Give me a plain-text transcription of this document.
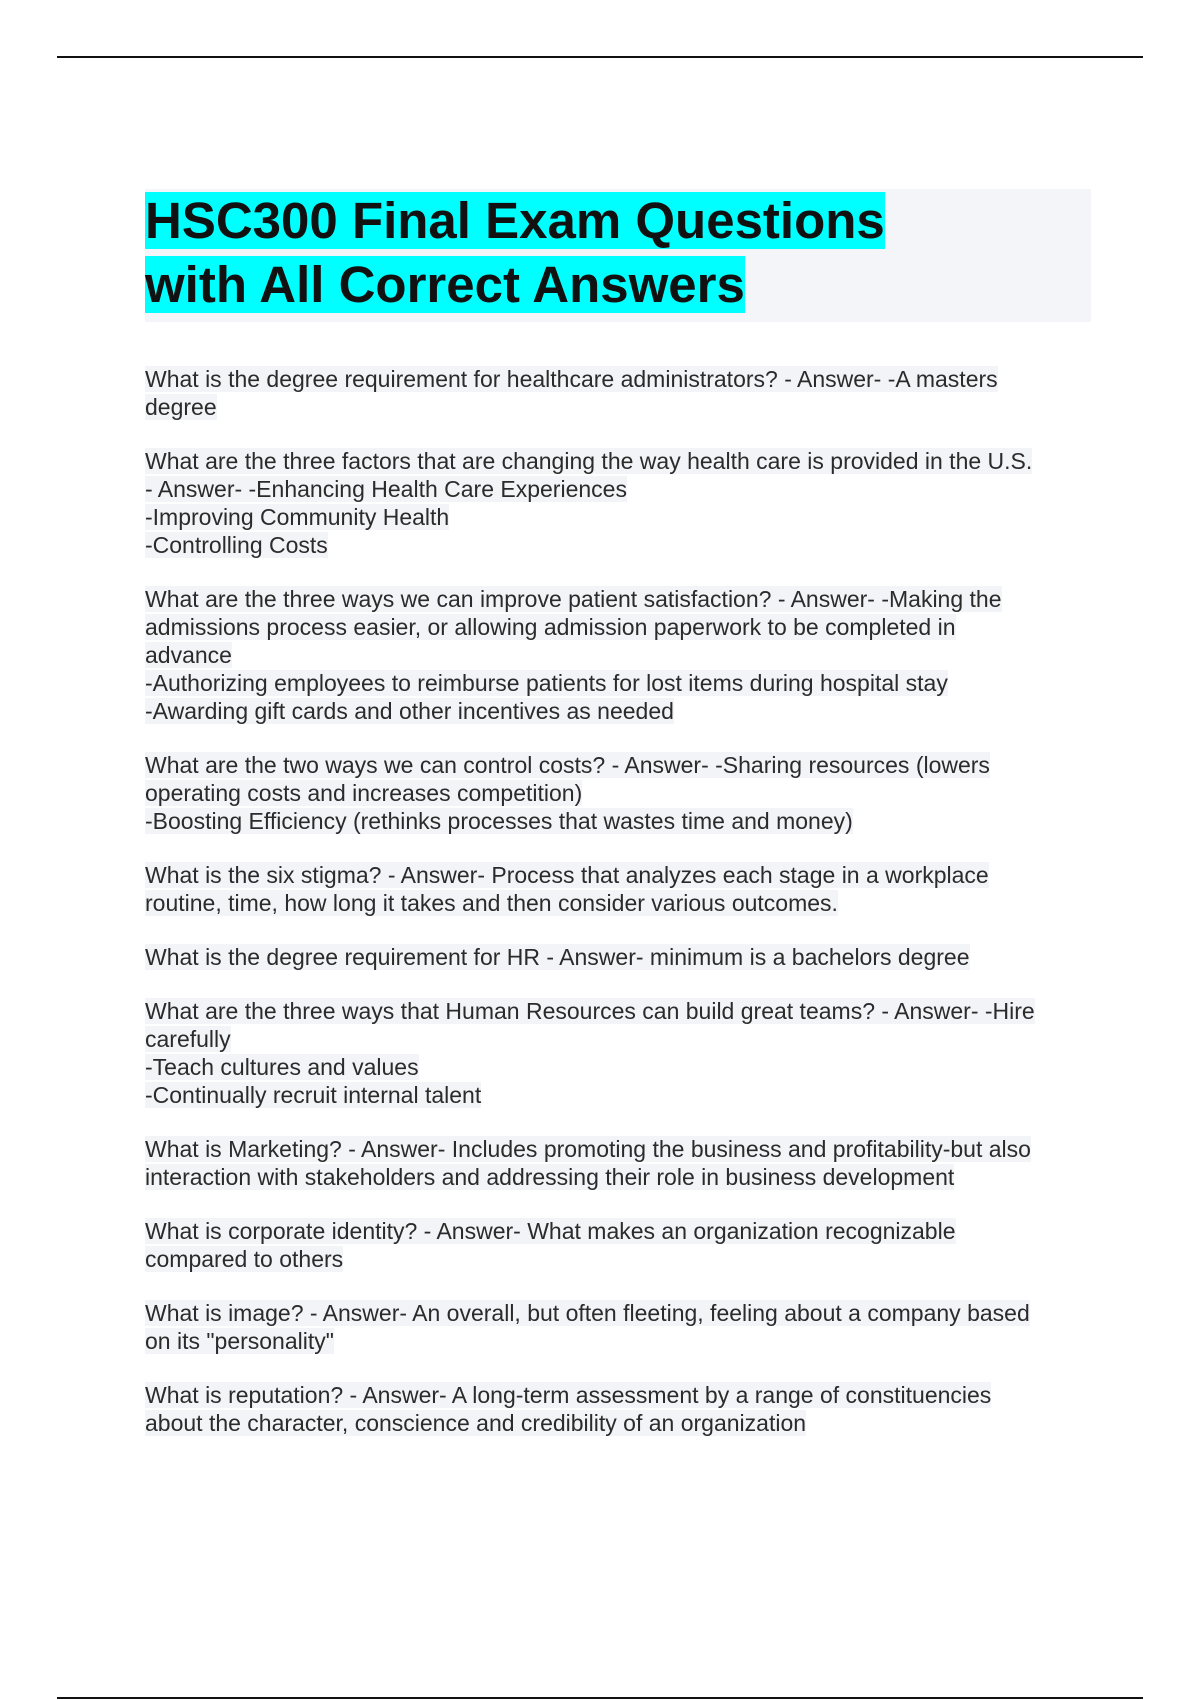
HSC300 Final Exam Questions
with All Correct Answers

What is the degree requirement for healthcare administrators? - Answer- -A masters

degree

What are the three factors that are changing the way health care is provided in the U.S.

- Answer- -Enhancing Health Care Experiences

-Improving Community Health

-Controlling Costs

What are the three ways we can improve patient satisfaction? - Answer- -Making the

admissions process easier, or allowing admission paperwork to be completed in

advance

-Authorizing employees to reimburse patients for lost items during hospital stay

-Awarding gift cards and other incentives as needed

What are the two ways we can control costs? - Answer- -Sharing resources (lowers

operating costs and increases competition)

-Boosting Efficiency (rethinks processes that wastes time and money)

What is the six stigma? - Answer- Process that analyzes each stage in a workplace

routine, time, how long it takes and then consider various outcomes.

What is the degree requirement for HR - Answer- minimum is a bachelors degree

What are the three ways that Human Resources can build great teams? - Answer- -Hire

carefully

-Teach cultures and values

-Continually recruit internal talent

What is Marketing? - Answer- Includes promoting the business and profitability-but also

interaction with stakeholders and addressing their role in business development

What is corporate identity? - Answer- What makes an organization recognizable

compared to others

What is image? - Answer- An overall, but often fleeting, feeling about a company based

on its "personality"

What is reputation? - Answer- A long-term assessment by a range of constituencies

about the character, conscience and credibility of an organization
